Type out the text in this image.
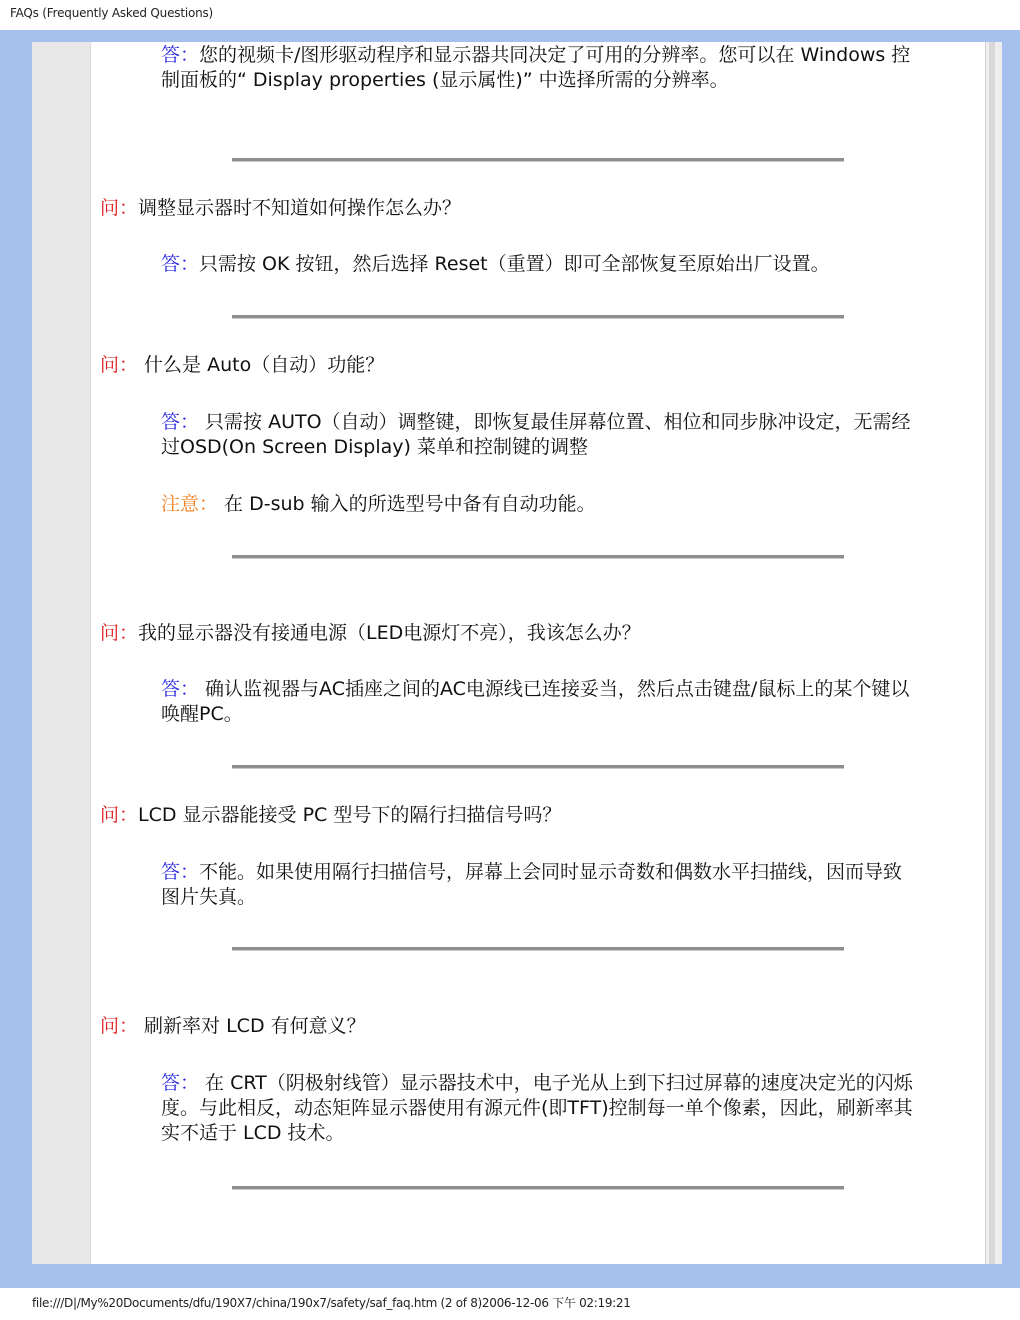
FAQs (Frequently Asked Questions)

答：您的视频卡/图形驱动程序和显示器共同决定了可用的分辨率。您可以在 Windows 控制面板的“ Display properties (显示属性)” 中选择所需的分辨率。

问：调整显示器时不知道如何操作怎么办？

答：只需按 OK 按钮，然后选择 Reset（重置）即可全部恢复至原始出厂设置。

问： 什么是 Auto（自动）功能？

答： 只需按 AUTO（自动）调整键，即恢复最佳屏幕位置、相位和同步脉冲设定，无需经过OSD(On Screen Display) 菜单和控制键的调整

注意： 在 D-sub 输入的所选型号中备有自动功能。

问：我的显示器没有接通电源（LED电源灯不亮），我该怎么办？

答： 确认监视器与AC插座之间的AC电源线已连接妥当，然后点击键盘/鼠标上的某个键以唤醒PC。

问：LCD 显示器能接受 PC 型号下的隔行扫描信号吗？

答：不能。如果使用隔行扫描信号，屏幕上会同时显示奇数和偶数水平扫描线，因而导致图片失真。

问： 刷新率对 LCD 有何意义？

答： 在 CRT（阴极射线管）显示器技术中，电子光从上到下扫过屏幕的速度决定光的闪烁度。与此相反，动态矩阵显示器使用有源元件(即TFT)控制每一单个像素，因此，刷新率其实不适于 LCD 技术。

file:///D|/My%20Documents/dfu/190X7/china/190x7/safety/saf_faq.htm (2 of 8)2006-12-06 下午 02:19:21
